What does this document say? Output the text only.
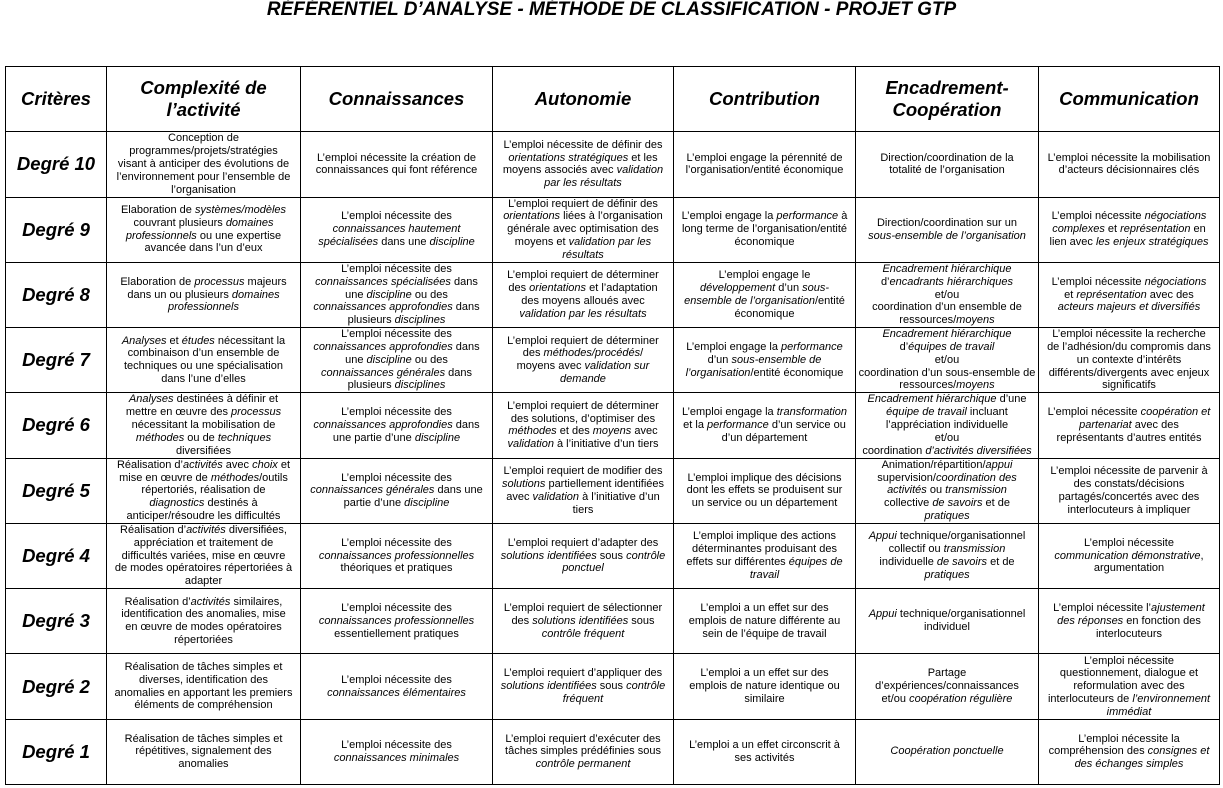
RÉFÉRENTIEL D’ANALYSE - MÉTHODE DE CLASSIFICATION - PROJET GTP
Critères
Complexité de l’activité
Connaissances	Autonomie	Contribution
Encadrement-Coopération
Communication
Degré 10
Conception de
programmes/projets/stratégies
visant à anticiper des évolutions de
l’environnement pour l’ensemble de
l’organisation
L’emploi nécessite la création de
connaissances qui font référence
L’emploi nécessite de définir des
orientations stratégiques et les
moyens associés avec validation
par les résultats
L’emploi engage la pérennité de
l’organisation/entité économique
Direction/coordination de la
totalité de l’organisation
L’emploi nécessite la mobilisation
d’acteurs décisionnaires clés
Degré 9
Elaboration de systèmes/modèles
couvrant plusieurs domaines
professionnels ou une expertise
avancée dans l’un d’eux
L’emploi nécessite des
connaissances hautement
spécialisées dans une discipline
L’emploi requiert de définir des
orientations liées à l’organisation
générale avec optimisation des
moyens et validation par les
résultats
L’emploi engage la performance à
long terme de l’organisation/entité
économique
Direction/coordination sur un
sous-ensemble de l’organisation
L’emploi nécessite négociations
complexes et représentation en
lien avec les enjeux stratégiques
Degré 8
Elaboration de processus majeurs
dans un ou plusieurs domaines
professionnels
L’emploi nécessite des
connaissances spécialisées dans
une discipline ou des
connaissances approfondies dans
plusieurs disciplines
L’emploi requiert de déterminer
des orientations et l’adaptation
des moyens alloués avec
validation par les résultats
L’emploi engage le
développement d’un sous-
ensemble de l’organisation/entité
économique
Encadrement hiérarchique
d’encadrants hiérarchiques
et/ou
coordination d’un ensemble de
ressources/moyens
L’emploi nécessite négociations
et représentation avec des
acteurs majeurs et diversifiés
Degré 7
Analyses et études nécessitant la
combinaison d’un ensemble de
techniques ou une spécialisation
dans l’une d’elles
L’emploi nécessite des
connaissances approfondies dans
une discipline ou des
connaissances générales dans
plusieurs disciplines
L’emploi requiert de déterminer
des méthodes/procédés/
moyens avec validation sur
demande
L’emploi engage la performance
d’un sous-ensemble de
l’organisation/entité économique
Encadrement hiérarchique
d’équipes de travail
et/ou
coordination d’un sous-ensemble de
ressources/moyens
L’emploi nécessite la recherche
de l’adhésion/du compromis dans
un contexte d’intérêts
différents/divergents avec enjeux
significatifs
Degré 6
Analyses destinées à définir et
mettre en œuvre des processus
nécessitant la mobilisation de
méthodes ou de techniques
diversifiées
L’emploi nécessite des
connaissances approfondies dans
une partie d’une discipline
L’emploi requiert de déterminer
des solutions, d’optimiser des
méthodes et des moyens avec
validation à l’initiative d’un tiers
L’emploi engage la transformation
et la performance d’un service ou
d’un département
Encadrement hiérarchique d’une
équipe de travail incluant
l’appréciation individuelle
et/ou
coordination d’activités diversifiées
L’emploi nécessite coopération et
partenariat avec des
représentants d’autres entités
Degré 5
Réalisation d’activités avec choix et
mise en œuvre de méthodes/outils
répertoriés, réalisation de
diagnostics destinés à
anticiper/résoudre les difficultés
L’emploi nécessite des
connaissances générales dans une
partie d’une discipline
L’emploi requiert de modifier des
solutions partiellement identifiées
avec validation à l’initiative d’un
tiers
L’emploi implique des décisions
dont les effets se produisent sur
un service ou un département
Animation/répartition/appui
supervision/coordination des
activités ou transmission
collective de savoirs et de
pratiques
L’emploi nécessite de parvenir à
des constats/décisions
partagés/concertés avec des
interlocuteurs à impliquer
Degré 4
Réalisation d’activités diversifiées,
appréciation et traitement de
difficultés variées, mise en œuvre
de modes opératoires répertoriées à
adapter
L’emploi nécessite des
connaissances professionnelles
théoriques et pratiques
L’emploi requiert d’adapter des
solutions identifiées sous contrôle
ponctuel
L’emploi implique des actions
déterminantes produisant des
effets sur différentes équipes de
travail
Appui technique/organisationnel
collectif ou transmission
individuelle de savoirs et de
pratiques
L’emploi nécessite
communication démonstrative,
argumentation
Degré 3
Réalisation d’activités similaires,
identification des anomalies, mise
en œuvre de modes opératoires
répertoriées
L’emploi nécessite des
connaissances professionnelles
essentiellement pratiques
L’emploi requiert de sélectionner
des solutions identifiées sous
contrôle fréquent
L’emploi a un effet sur des
emplois de nature différente au
sein de l’équipe de travail
Appui technique/organisationnel
individuel
L’emploi nécessite l’ajustement
des réponses en fonction des
interlocuteurs
Degré 2
Réalisation de tâches simples et
diverses, identification des
anomalies en apportant les premiers
éléments de compréhension
L’emploi nécessite des
connaissances élémentaires
L’emploi requiert d’appliquer des
solutions identifiées sous contrôle
fréquent
L’emploi a un effet sur des
emplois de nature identique ou
similaire
Partage
d’expériences/connaissances
et/ou coopération régulière
L’emploi nécessite
questionnement, dialogue et
reformulation avec des
interlocuteurs de l’environnement
immédiat
Degré 1
Réalisation de tâches simples et
répétitives, signalement des
anomalies
L’emploi nécessite des
connaissances minimales
L’emploi requiert d’exécuter des
tâches simples prédéfinies sous
contrôle permanent
L’emploi a un effet circonscrit à
ses activités
Coopération ponctuelle
L’emploi nécessite la
compréhension des consignes et
des échanges simples
